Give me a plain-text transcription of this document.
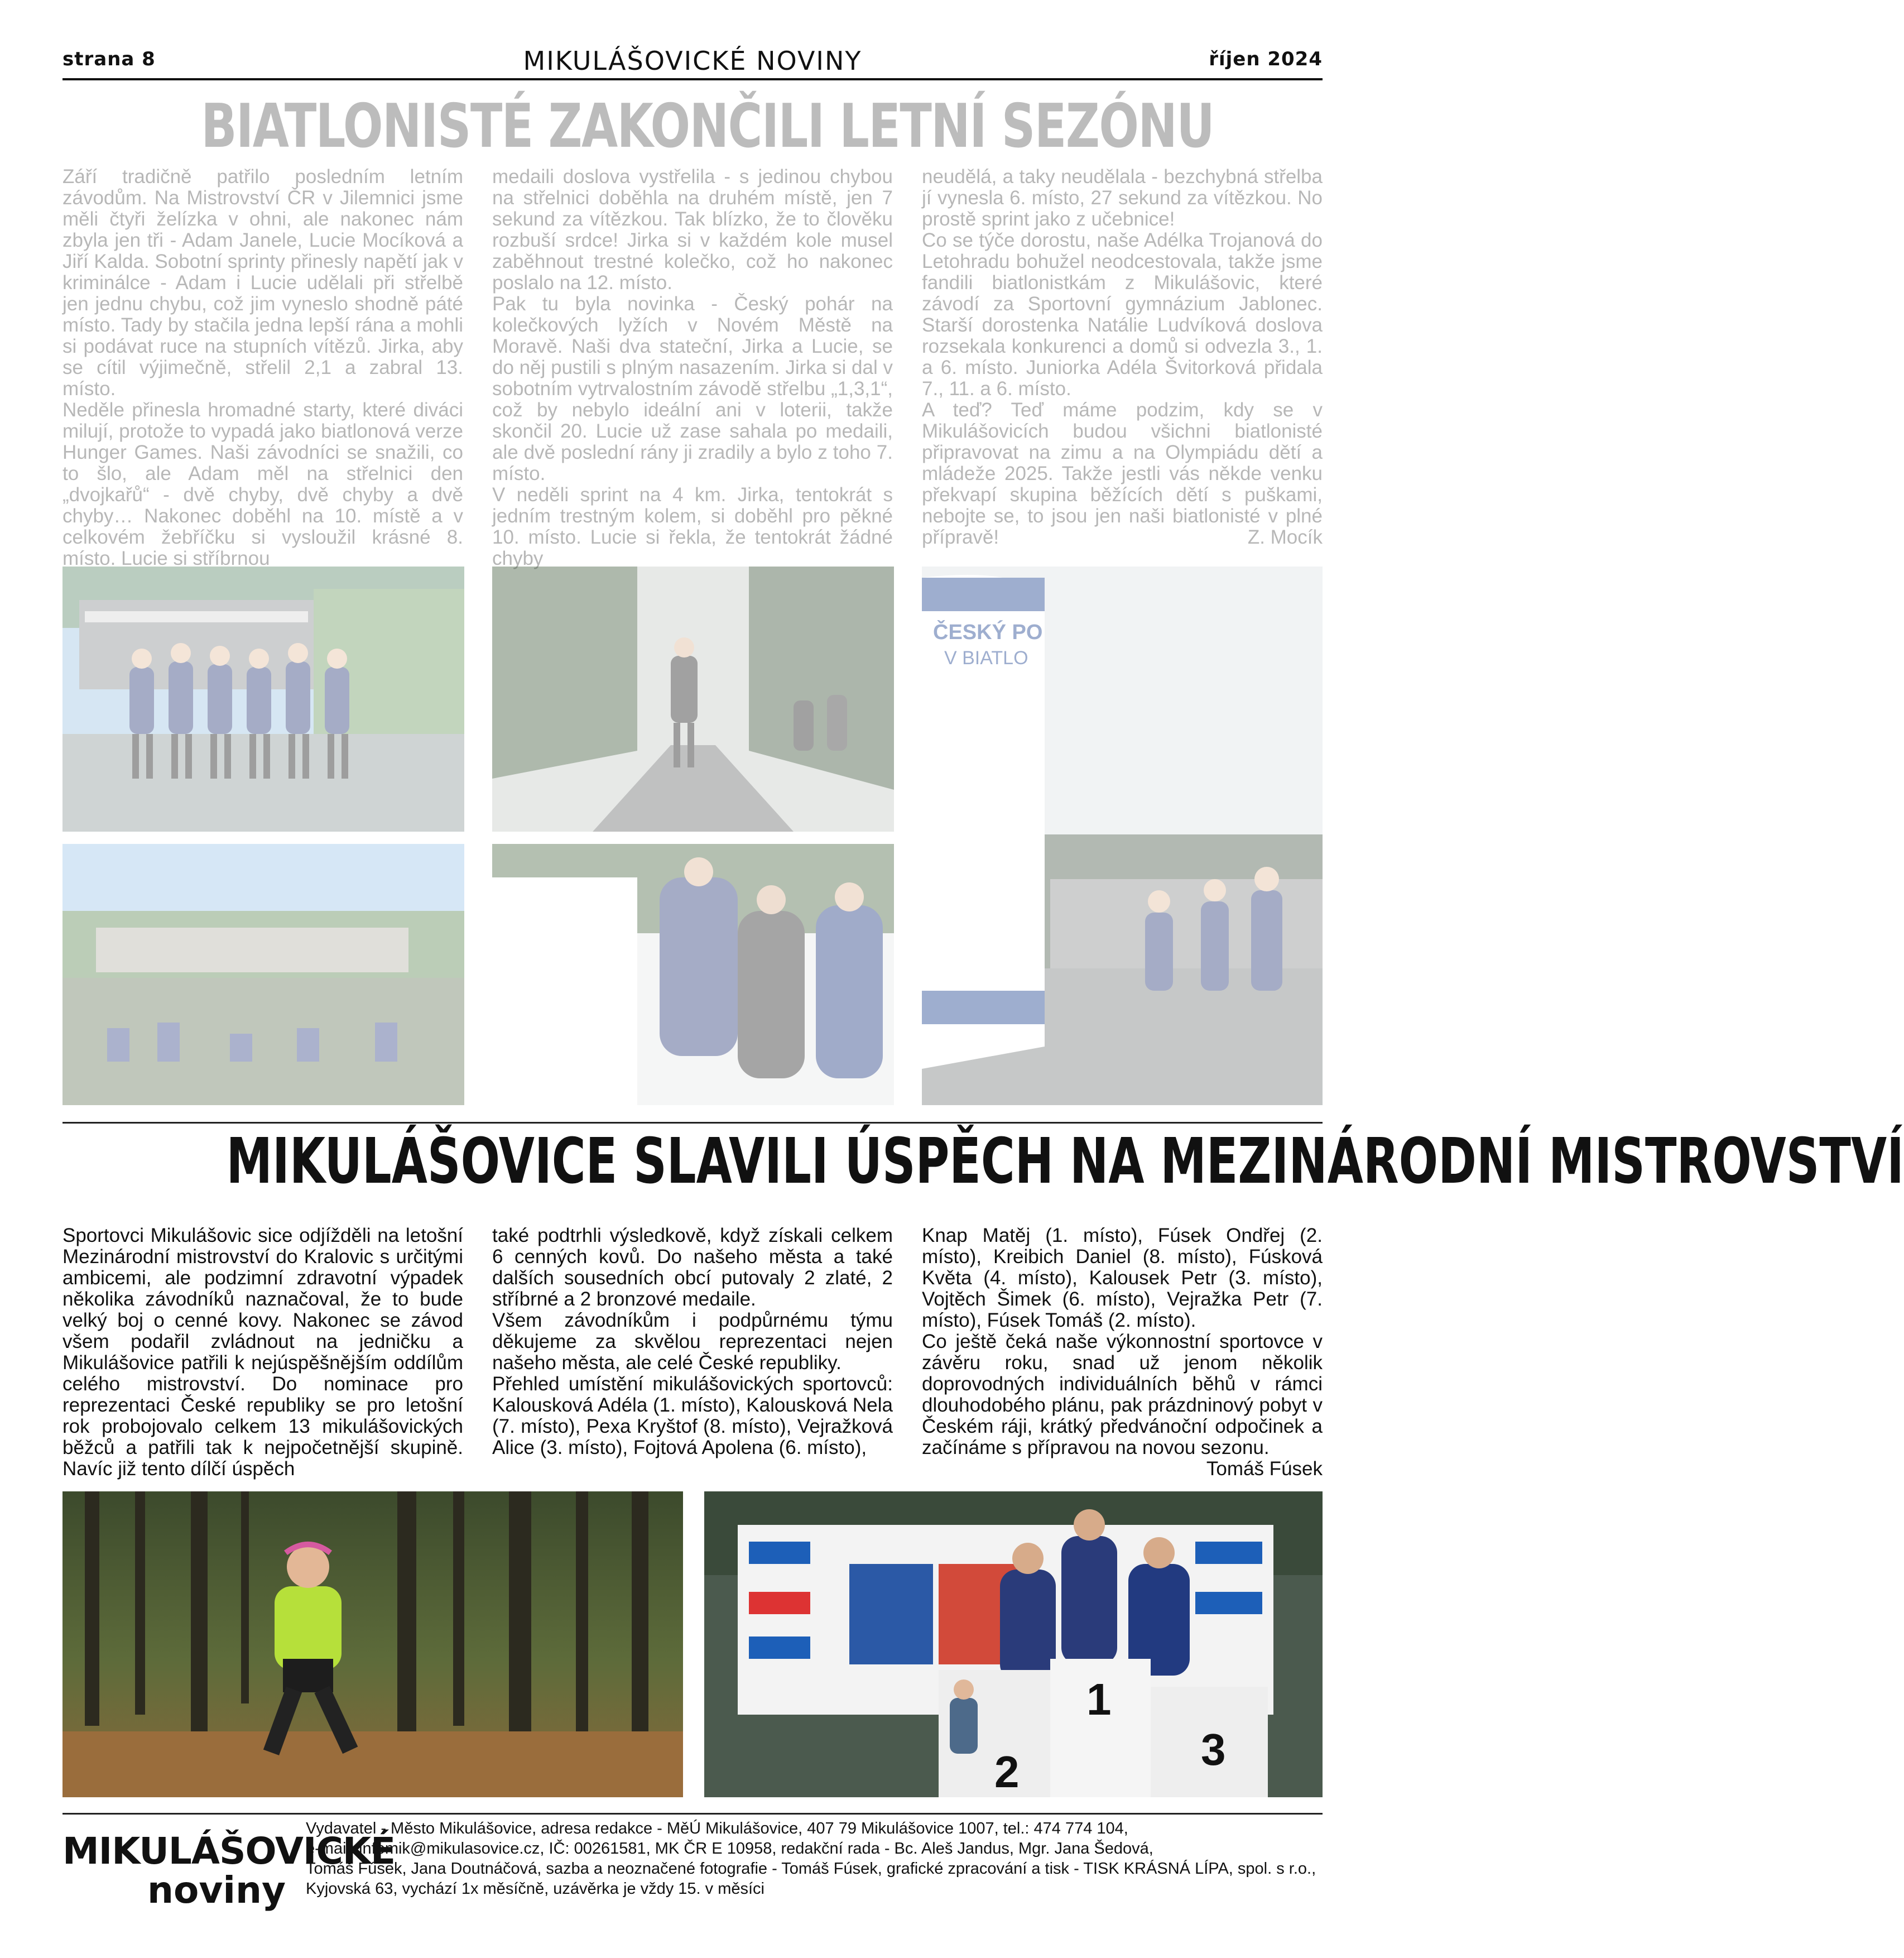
strana 8	MIKULÁŠOVICKÉ NOVINY	říjen 2024
BIATLONISTÉ ZAKONČILI LETNÍ SEZÓNU

Září tradičně patřilo posledním letním závodům. Na Mistrovství ČR v Jilemnici jsme měli čtyři želízka v ohni, ale nakonec nám zbyla jen tři - Adam Janele, Lucie Mocíková a Jiří Kalda. Sobotní sprinty přinesly napětí jak v kriminálce - Adam i Lucie udělali při střelbě jen jednu chybu, což jim vyneslo shodně páté místo. Tady by stačila jedna lepší rána a mohli si podávat ruce na stupních vítězů. Jirka, aby se cítil výjimečně, střelil 2,1 a zabral 13. místo.

Neděle přinesla hromadné starty, které diváci milují, protože to vypadá jako biatlonová verze Hunger Games. Naši závodníci se snažili, co to šlo, ale Adam měl na střelnici den „dvojkařů“ - dvě chyby, dvě chyby a dvě chyby… Nakonec doběhl na 10. místě a v celkovém žebříčku si vysloužil krásné 8. místo. Lucie si stříbrnou

medaili doslova vystřelila - s jedinou chybou na střelnici doběhla na druhém místě, jen 7 sekund za vítězkou. Tak blízko, že to člověku rozbuší srdce! Jirka si v každém kole musel zaběhnout trestné kolečko, což ho nakonec poslalo na 12. místo.

Pak tu byla novinka - Český pohár na kolečkových lyžích v Novém Městě na Moravě. Naši dva stateční, Jirka a Lucie, se do něj pustili s plným nasazením. Jirka si dal v sobotním vytrvalostním závodě střelbu „1,3,1“, což by nebylo ideální ani v loterii, takže skončil 20. Lucie už zase sahala po medaili, ale dvě poslední rány ji zradily a bylo z toho 7. místo.

V neděli sprint na 4 km. Jirka, tentokrát s jedním trestným kolem, si doběhl pro pěkné 10. místo. Lucie si řekla, že tentokrát žádné chyby

neudělá, a taky neudělala - bezchybná střelba jí vynesla 6. místo, 27 sekund za vítězkou. No prostě sprint jako z učebnice!

Co se týče dorostu, naše Adélka Trojanová do Letohradu bohužel neodcestovala, takže jsme fandili biatlonistkám z Mikulášovic, které závodí za Sportovní gymnázium Jablonec. Starší dorostenka Natálie Ludvíková doslova rozsekala konkurenci a domů si odvezla 3., 1. a 6. místo. Juniorka Adéla Švitorková přidala 7., 11. a 6. místo.

A teď? Teď máme podzim, kdy se v Mikulášovicích budou všichni biatlonisté připravovat na zimu a na Olympiádu dětí a mládeže 2025. Takže jestli vás někde venku překvapí skupina běžících dětí s puškami, nebojte se, to jsou jen naši biatlonisté v plné přípravě!	Z. Mocík

ČESKÝ PO
V BIATLO
MIKULÁŠOVICE SLAVILI ÚSPĚCH NA MEZINÁRODNÍ MISTROVSTVÍ

Sportovci Mikulášovic sice odjížděli na letošní Mezinárodní mistrovství do Kralovic s určitými ambicemi, ale podzimní zdravotní výpadek několika závodníků naznačoval, že to bude velký boj o cenné kovy. Nakonec se závod všem podařil zvládnout na jedničku a Mikulášovice patřili k nejúspěšnějším oddílům celého mistrovství. Do nominace pro reprezentaci České republiky se pro letošní rok probojovalo celkem 13 mikulášovických běžců a patřili tak k nejpočetnější skupině. Navíc již tento dílčí úspěch

také podtrhli výsledkově, když získali celkem 6 cenných kovů. Do našeho města a také dalších sousedních obcí putovaly 2 zlaté, 2 stříbrné a 2 bronzové medaile.

Všem závodníkům i podpůrnému týmu děkujeme za skvělou reprezentaci nejen našeho města, ale celé České republiky.

Přehled umístění mikulášovických sportovců: Kalousková Adéla (1. místo), Kalousková Nela (7. místo), Pexa Kryštof (8. místo), Vejražková Alice (3. místo), Fojtová Apolena (6. místo),

Knap Matěj (1. místo), Fúsek Ondřej (2. místo), Kreibich Daniel (8. místo), Fúsková Květa (4. místo), Kalousek Petr (3. místo), Vojtěch Šimek (6. místo), Vejražka Petr (7. místo), Fúsek Tomáš (2. místo).

Co ještě čeká naše výkonnostní sportovce v závěru roku, snad už jenom několik doprovodných individuálních běhů v rámci dlouhodobého plánu, pak prázdninový pobyt v Českém ráji, krátký předvánoční odpočinek a začínáme s přípravou na novou sezonu.
Tomáš Fúsek

1
2	3
MIKULÁŠOVICKÉ
noviny

Vydavatel - Město Mikulášovice, adresa redakce - MěÚ Mikulášovice, 407 79 Mikulášovice 1007, tel.: 474 774 104,

e-mail: infomik@mikulasovice.cz, IČ: 00261581, MK ČR E 10958, redakční rada - Bc. Aleš Jandus, Mgr. Jana Šedová,

Tomáš Fúsek, Jana Doutnáčová, sazba a neoznačené fotografie - Tomáš Fúsek, grafické zpracování a tisk - TISK KRÁSNÁ LÍPA, spol. s r.o.,

Kyjovská 63, vychází 1x měsíčně, uzávěrka je vždy 15. v měsíci
